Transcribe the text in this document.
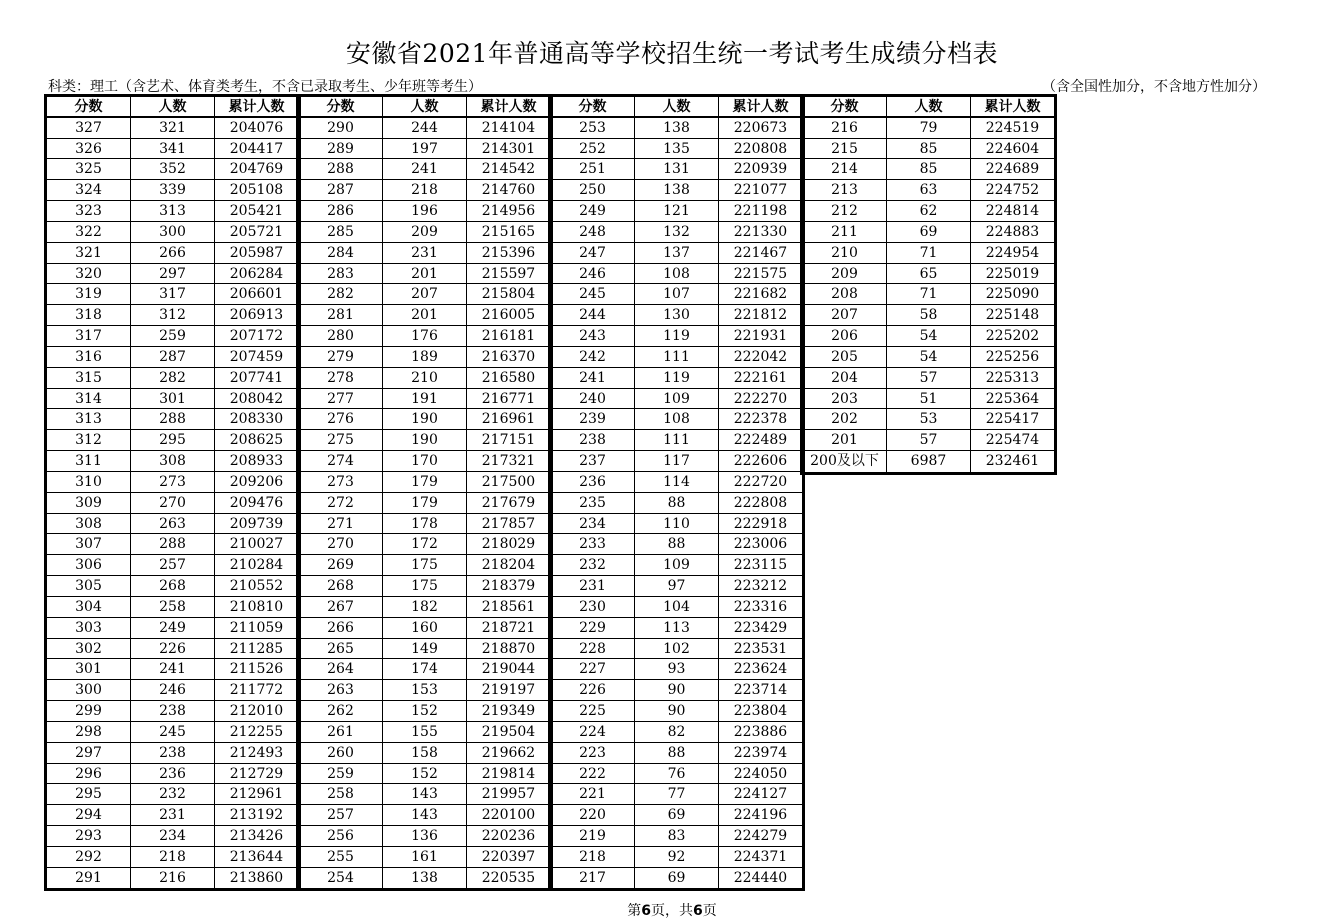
安徽省2021年普通高等学校招生统一考试考生成绩分档表
科类：理工（含艺术、体育类考生，不含已录取考生、少年班等考生）	（含全国性加分，不含地方性加分）
分数	人数	累计人数
327	321	204076
326	341	204417
325	352	204769
324	339	205108
323	313	205421
322	300	205721
321	266	205987
320	297	206284
319	317	206601
318	312	206913
317	259	207172
316	287	207459
315	282	207741
314	301	208042
313	288	208330
312	295	208625
311	308	208933
310	273	209206
309	270	209476
308	263	209739
307	288	210027
306	257	210284
305	268	210552
304	258	210810
303	249	211059
302	226	211285
301	241	211526
300	246	211772
299	238	212010
298	245	212255
297	238	212493
296	236	212729
295	232	212961
294	231	213192
293	234	213426
292	218	213644
291	216	213860
分数	人数	累计人数
290	244	214104
289	197	214301
288	241	214542
287	218	214760
286	196	214956
285	209	215165
284	231	215396
283	201	215597
282	207	215804
281	201	216005
280	176	216181
279	189	216370
278	210	216580
277	191	216771
276	190	216961
275	190	217151
274	170	217321
273	179	217500
272	179	217679
271	178	217857
270	172	218029
269	175	218204
268	175	218379
267	182	218561
266	160	218721
265	149	218870
264	174	219044
263	153	219197
262	152	219349
261	155	219504
260	158	219662
259	152	219814
258	143	219957
257	143	220100
256	136	220236
255	161	220397
254	138	220535
分数	人数	累计人数
253	138	220673
252	135	220808
251	131	220939
250	138	221077
249	121	221198
248	132	221330
247	137	221467
246	108	221575
245	107	221682
244	130	221812
243	119	221931
242	111	222042
241	119	222161
240	109	222270
239	108	222378
238	111	222489
237	117	222606
236	114	222720
235	88	222808
234	110	222918
233	88	223006
232	109	223115
231	97	223212
230	104	223316
229	113	223429
228	102	223531
227	93	223624
226	90	223714
225	90	223804
224	82	223886
223	88	223974
222	76	224050
221	77	224127
220	69	224196
219	83	224279
218	92	224371
217	69	224440
分数	人数	累计人数
216	79	224519
215	85	224604
214	85	224689
213	63	224752
212	62	224814
211	69	224883
210	71	224954
209	65	225019
208	71	225090
207	58	225148
206	54	225202
205	54	225256
204	57	225313
203	51	225364
202	53	225417
201	57	225474
200及以下	6987	232461
第6页，共6页
